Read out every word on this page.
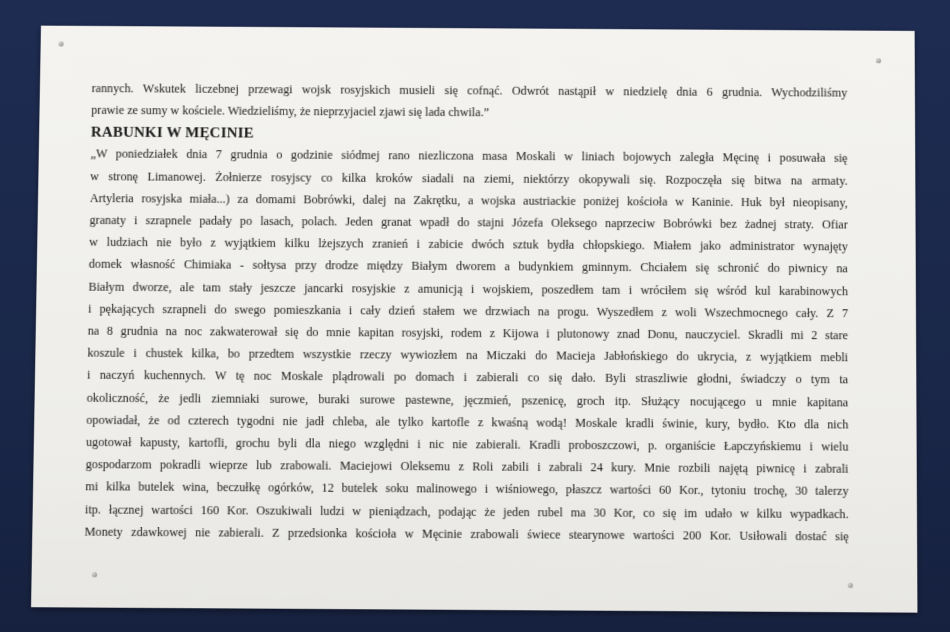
rannych. Wskutek liczebnej przewagi wojsk rosyjskich musieli się cofnąć. Odwrót nastąpił w niedzielę dnia 6 grudnia. Wychodziliśmy
prawie ze sumy w kościele. Wiedzieliśmy, że nieprzyjaciel zjawi się lada chwila.”
RABUNKI W MĘCINIE
„W poniedziałek dnia 7 grudnia o godzinie siódmej rano niezliczona masa Moskali w liniach bojowych zaległa Męcinę i posuwała się
w stronę Limanowej. Żołnierze rosyjscy co kilka kroków siadali na ziemi, niektórzy okopywali się. Rozpoczęła się bitwa na armaty.
Artyleria rosyjska miała...) za domami Bobrówki, dalej na Zakrętku, a wojska austriackie poniżej kościoła w Kaninie. Huk był nieopisany,
granaty i szrapnele padały po lasach, polach. Jeden granat wpadł do stajni Józefa Oleksego naprzeciw Bobrówki bez żadnej straty. Ofiar
w ludziach nie było z wyjątkiem kilku lżejszych zranień i zabicie dwóch sztuk bydła chłopskiego. Miałem jako administrator wynajęty
domek własność Chimiaka - sołtysa przy drodze między Białym dworem a budynkiem gminnym. Chciałem się schronić do piwnicy na
Białym dworze, ale tam stały jeszcze jancarki rosyjskie z amunicją i wojskiem, poszedłem tam i wróciłem się wśród kul karabinowych
i pękających szrapneli do swego pomieszkania i cały dzień stałem we drzwiach na progu. Wyszedłem z woli Wszechmocnego cały. Z 7
na 8 grudnia na noc zakwaterował się do mnie kapitan rosyjski, rodem z Kijowa i plutonowy znad Donu, nauczyciel. Skradli mi 2 stare
koszule i chustek kilka, bo przedtem wszystkie rzeczy wywiozłem na Miczaki do Macieja Jabłońskiego do ukrycia, z wyjątkiem mebli
i naczyń kuchennych. W tę noc Moskale plądrowali po domach i zabierali co się dało. Byli straszliwie głodni, świadczy o tym ta
okoliczność, że jedli ziemniaki surowe, buraki surowe pastewne, jęczmień, pszenicę, groch itp. Służący nocującego u mnie kapitana
opowiadał, że od czterech tygodni nie jadł chleba, ale tylko kartofle z kwaśną wodą! Moskale kradli świnie, kury, bydło. Kto dla nich
ugotował kapusty, kartofli, grochu byli dla niego względni i nic nie zabierali. Kradli proboszczowi, p. organiście Łapczyńskiemu i wielu
gospodarzom pokradli wieprze lub zrabowali. Maciejowi Oleksemu z Roli zabili i zabrali 24 kury. Mnie rozbili najętą piwnicę i zabrali
mi kilka butelek wina, beczułkę ogórków, 12 butelek soku malinowego i wiśniowego, płaszcz wartości 60 Kor., tytoniu trochę, 30 talerzy
itp. łącznej wartości 160 Kor. Oszukiwali ludzi w pieniądzach, podając że jeden rubel ma 30 Kor, co się im udało w kilku wypadkach.
Monety zdawkowej nie zabierali. Z przedsionka kościoła w Męcinie zrabowali świece stearynowe wartości 200 Kor. Usiłowali dostać się
